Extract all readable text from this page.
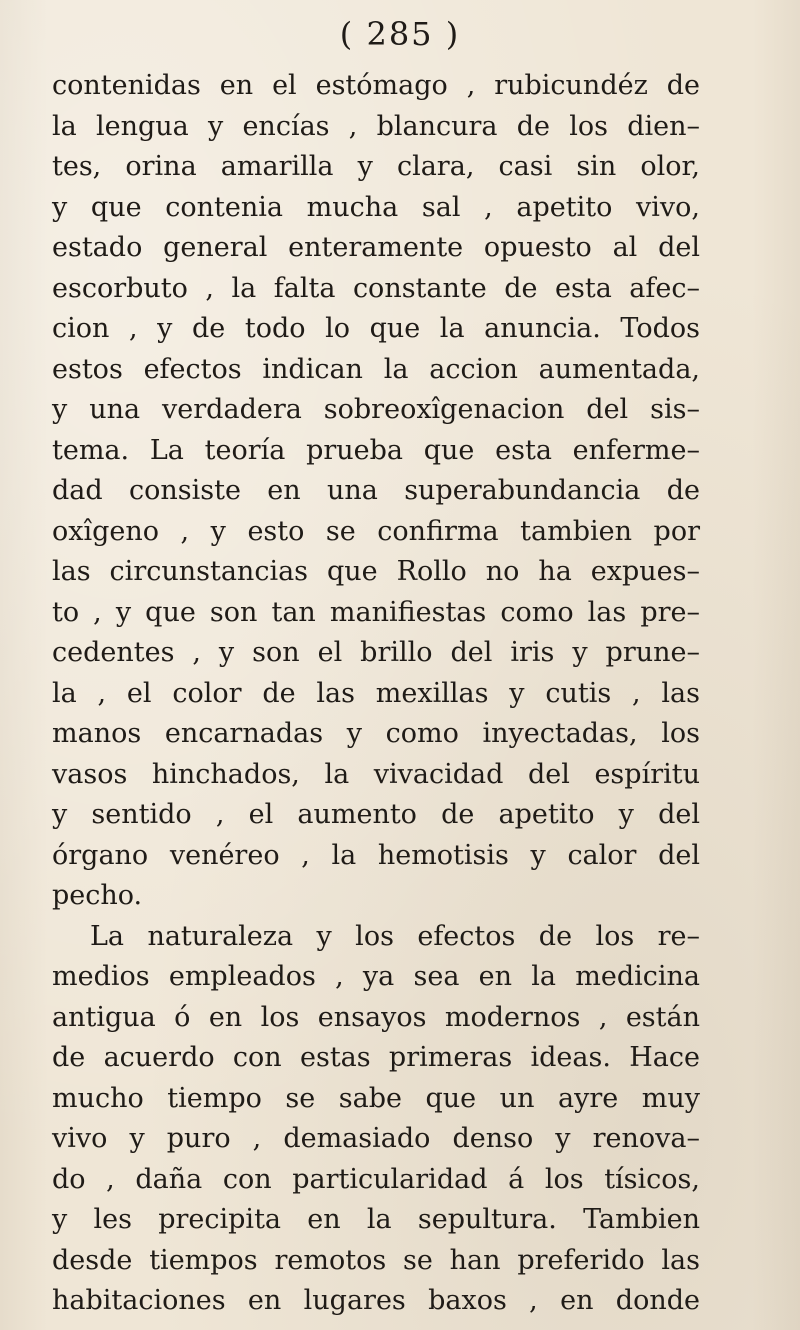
( 285 )
contenidas en el estómago , rubicundéz de
la lengua y encías , blancura de los dien–
tes, orina amarilla y clara, casi sin olor,
y que contenia mucha sal , apetito vivo,
estado general enteramente opuesto al del
escorbuto , la falta constante de esta afec–
cion , y de todo lo que la anuncia. Todos
estos efectos indican la accion aumentada,
y una verdadera sobreoxîgenacion del sis–
tema. La teoría prueba que esta enferme–
dad consiste en una superabundancia de
oxîgeno , y esto se confirma tambien por
las circunstancias que Rollo no ha expues–
to , y que son tan manifiestas como las pre–
cedentes , y son el brillo del iris y prune–
la , el color de las mexillas y cutis , las
manos encarnadas y como inyectadas, los
vasos hinchados, la vivacidad del espíritu
y sentido , el aumento de apetito y del
órgano venéreo , la hemotisis y calor del
pecho.
La naturaleza y los efectos de los re–
medios empleados , ya sea en la medicina
antigua ó en los ensayos modernos , están
de acuerdo con estas primeras ideas. Hace
mucho tiempo se sabe que un ayre muy
vivo y puro , demasiado denso y renova–
do , daña con particularidad á los tísicos,
y les precipita en la sepultura. Tambien
desde tiempos remotos se han preferido las
habitaciones en lugares baxos , en donde
